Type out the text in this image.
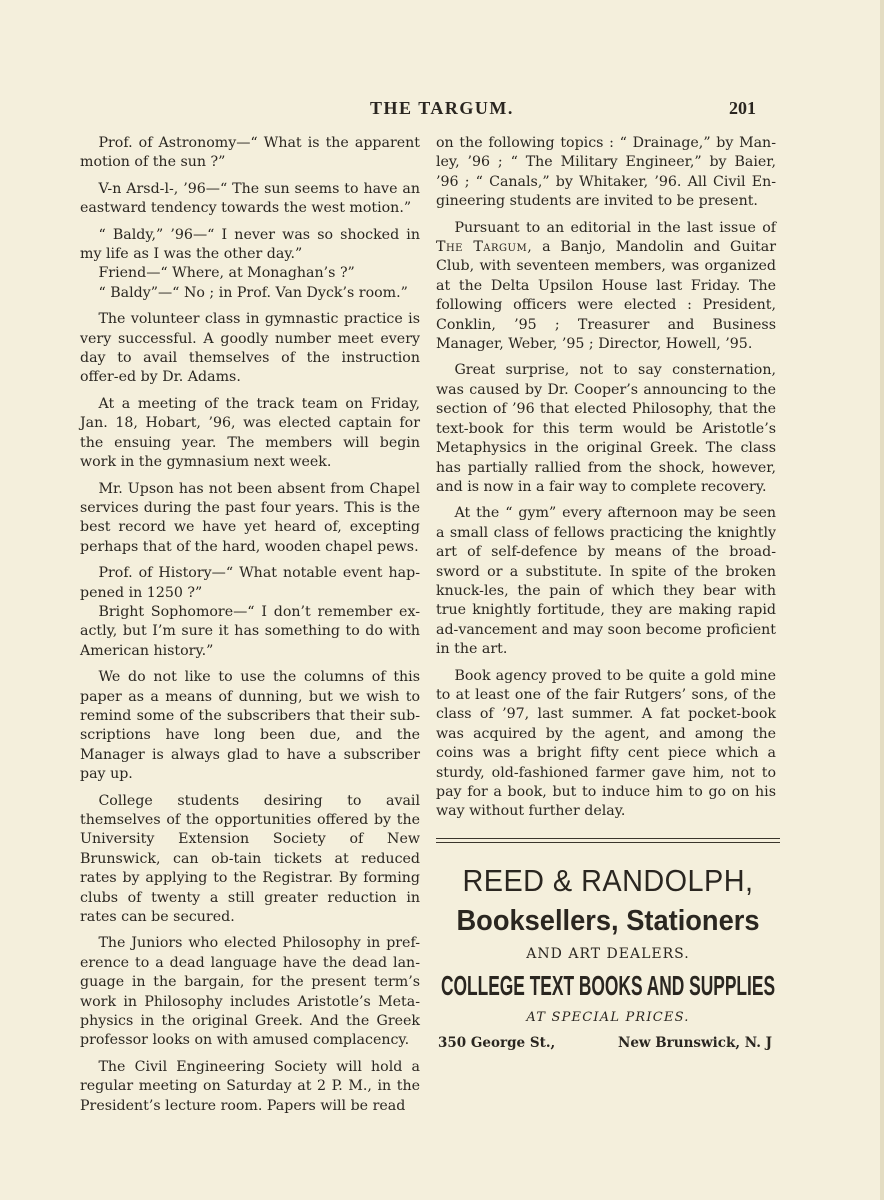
THE TARGUM.	201

Prof. of Astronomy—“ What is the apparent motion of the sun ?”

V-n Arsd-l-, ’96—“ The sun seems to have an eastward tendency towards the west motion.”

“ Baldy,” ’96—“ I never was so shocked in my life as I was the other day.”

Friend—“ Where, at Monaghan’s ?”

“ Baldy”—“ No ; in Prof. Van Dyck’s room.”

The volunteer class in gymnastic practice is very successful. A goodly number meet every day to avail themselves of the instruction offer-ed by Dr. Adams.

At a meeting of the track team on Friday, Jan. 18, Hobart, ’96, was elected captain for the ensuing year. The members will begin work in the gymnasium next week.

Mr. Upson has not been absent from Chapel services during the past four years. This is the best record we have yet heard of, excepting perhaps that of the hard, wooden chapel pews.

Prof. of History—“ What notable event hap-pened in 1250 ?”

Bright Sophomore—“ I don’t remember ex-actly, but I’m sure it has something to do with American history.”

We do not like to use the columns of this paper as a means of dunning, but we wish to remind some of the subscribers that their sub-scriptions have long been due, and the Manager is always glad to have a subscriber pay up.

College students desiring to avail themselves of the opportunities offered by the University Extension Society of New Brunswick, can ob-tain tickets at reduced rates by applying to the Registrar. By forming clubs of twenty a still greater reduction in rates can be secured.

The Juniors who elected Philosophy in pref-erence to a dead language have the dead lan-guage in the bargain, for the present term’s work in Philosophy includes Aristotle’s Meta-physics in the original Greek. And the Greek professor looks on with amused complacency.

The Civil Engineering Society will hold a regular meeting on Saturday at 2 P. M., in the President’s lecture room. Papers will be read

on the following topics : “ Drainage,” by Man-ley, ’96 ; “ The Military Engineer,” by Baier, ’96 ; “ Canals,” by Whitaker, ’96. All Civil En-gineering students are invited to be present.

Pursuant to an editorial in the last issue of The Targum, a Banjo, Mandolin and Guitar Club, with seventeen members, was organized at the Delta Upsilon House last Friday. The following officers were elected : President, Conklin, ’95 ; Treasurer and Business Manager, Weber, ’95 ; Director, Howell, ’95.

Great surprise, not to say consternation, was caused by Dr. Cooper’s announcing to the section of ’96 that elected Philosophy, that the text-book for this term would be Aristotle’s Metaphysics in the original Greek. The class has partially rallied from the shock, however, and is now in a fair way to complete recovery.

At the “ gym” every afternoon may be seen a small class of fellows practicing the knightly art of self-defence by means of the broad-sword or a substitute. In spite of the broken knuck-les, the pain of which they bear with true knightly fortitude, they are making rapid ad-vancement and may soon become proficient in the art.

Book agency proved to be quite a gold mine to at least one of the fair Rutgers’ sons, of the class of ’97, last summer. A fat pocket-book was acquired by the agent, and among the coins was a bright fifty cent piece which a sturdy, old-fashioned farmer gave him, not to pay for a book, but to induce him to go on his way without further delay.

REED & RANDOLPH,
Booksellers, Stationers
AND ART DEALERS.
COLLEGE TEXT BOOKS AND SUPPLIES
AT SPECIAL PRICES.
350 George St.,	New Brunswick, N. J
